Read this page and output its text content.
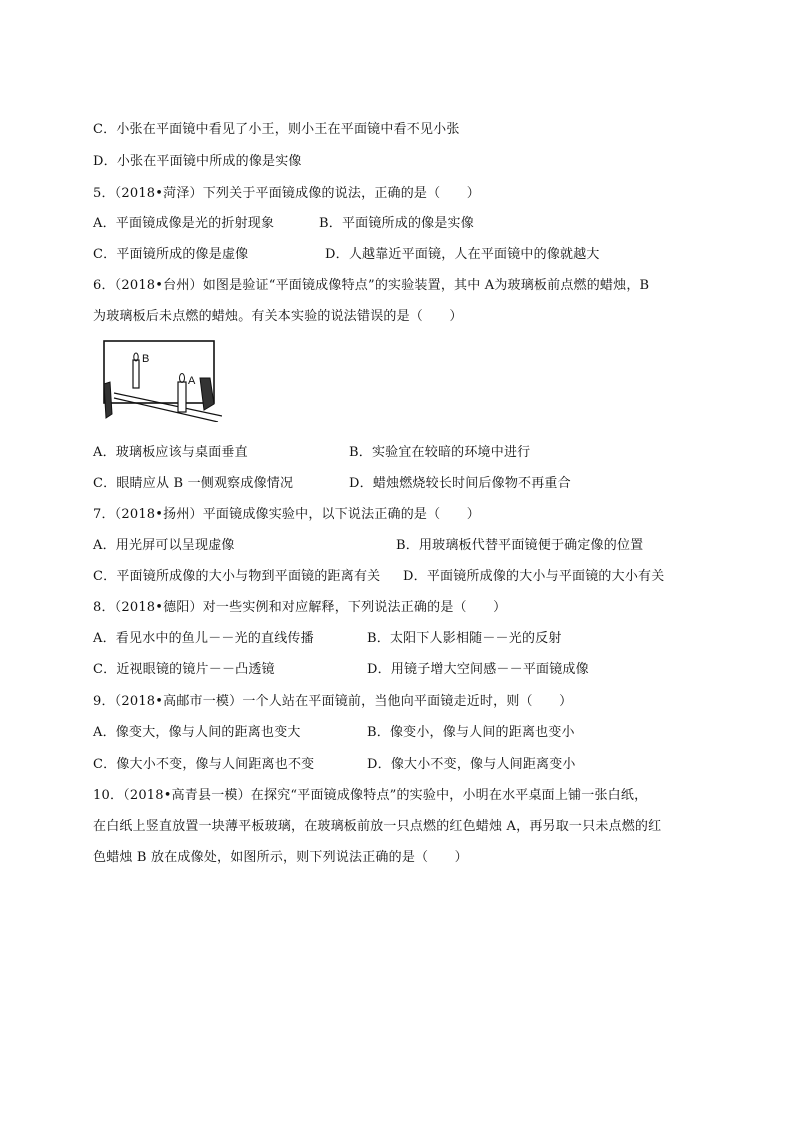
C．小张在平面镜中看见了小王，则小王在平面镜中看不见小张
D．小张在平面镜中所成的像是实像
5．（2018•菏泽）下列关于平面镜成像的说法，正确的是（　　）
A．平面镜成像是光的折射现象	B．平面镜所成的像是实像
C．平面镜所成的像是虚像	D．人越靠近平面镜，人在平面镜中的像就越大
6．（2018•台州）如图是验证“平面镜成像特点”的实验装置，其中 A为玻璃板前点燃的蜡烛，B
为玻璃板后未点燃的蜡烛。有关本实验的说法错误的是（　　）
B
A
A．玻璃板应该与桌面垂直	B．实验宜在较暗的环境中进行
C．眼睛应从 B 一侧观察成像情况	D．蜡烛燃烧较长时间后像物不再重合
7．（2018•扬州）平面镜成像实验中，以下说法正确的是（　　）
A．用光屏可以呈现虚像	B．用玻璃板代替平面镜便于确定像的位置
C．平面镜所成像的大小与物到平面镜的距离有关 D．平面镜所成像的大小与平面镜的大小有关
8．（2018•德阳）对一些实例和对应解释，下列说法正确的是（　　）
A．看见水中的鱼儿－－光的直线传播	B．太阳下人影相随－－光的反射
C．近视眼镜的镜片－－凸透镜	D．用镜子增大空间感－－平面镜成像
9．（2018•高邮市一模）一个人站在平面镜前，当他向平面镜走近时，则（　　）
A．像变大，像与人间的距离也变大	B．像变小，像与人间的距离也变小
C．像大小不变，像与人间距离也不变	D．像大小不变，像与人间距离变小
10．（2018•高青县一模）在探究“平面镜成像特点”的实验中，小明在水平桌面上铺一张白纸，
在白纸上竖直放置一块薄平板玻璃，在玻璃板前放一只点燃的红色蜡烛 A，再另取一只未点燃的红
色蜡烛 B 放在成像处，如图所示，则下列说法正确的是（　　）
